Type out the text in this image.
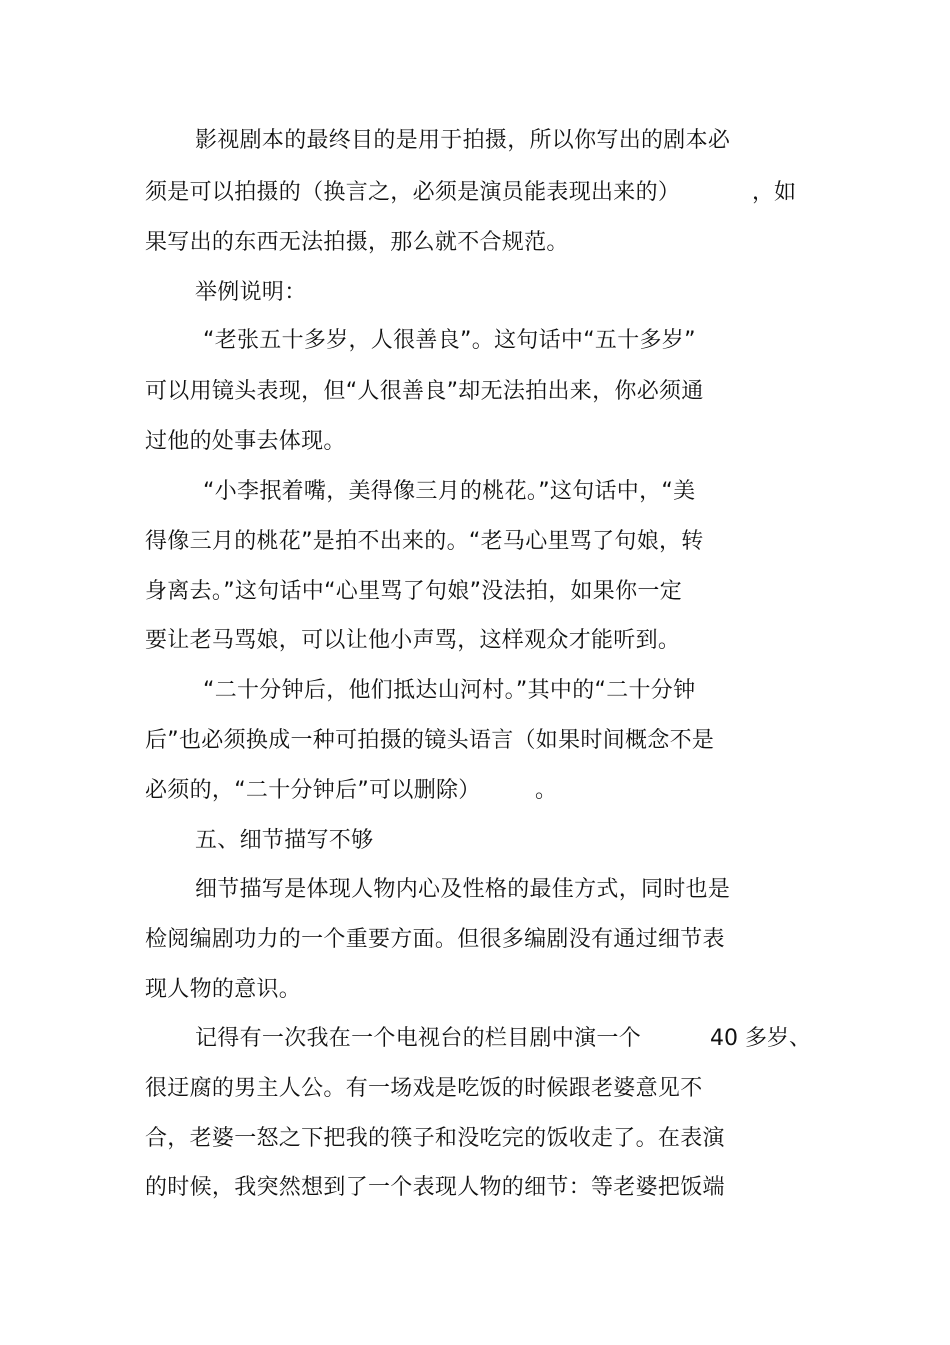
影视剧本的最终目的是用于拍摄，所以你写出的剧本必
须是可以拍摄的（换言之，必须是演员能表现出来的）	，如
果写出的东西无法拍摄，那么就不合规范。
举例说明：
“老张五十多岁，人很善良”。这句话中“五十多岁”
可以用镜头表现，但“人很善良”却无法拍出来，你必须通
过他的处事去体现。
“小李抿着嘴，美得像三月的桃花。”这句话中，“美
得像三月的桃花”是拍不出来的。“老马心里骂了句娘，转
身离去。”这句话中“心里骂了句娘”没法拍，如果你一定
要让老马骂娘，可以让他小声骂，这样观众才能听到。
“二十分钟后，他们抵达山河村。”其中的“二十分钟
后”也必须换成一种可拍摄的镜头语言（如果时间概念不是
必须的，“二十分钟后”可以删除） 。
五、细节描写不够
细节描写是体现人物内心及性格的最佳方式，同时也是
检阅编剧功力的一个重要方面。但很多编剧没有通过细节表
现人物的意识。
记得有一次我在一个电视台的栏目剧中演一个	40 多岁、
很迂腐的男主人公。有一场戏是吃饭的时候跟老婆意见不
合，老婆一怒之下把我的筷子和没吃完的饭收走了。在表演
的时候，我突然想到了一个表现人物的细节：等老婆把饭端
